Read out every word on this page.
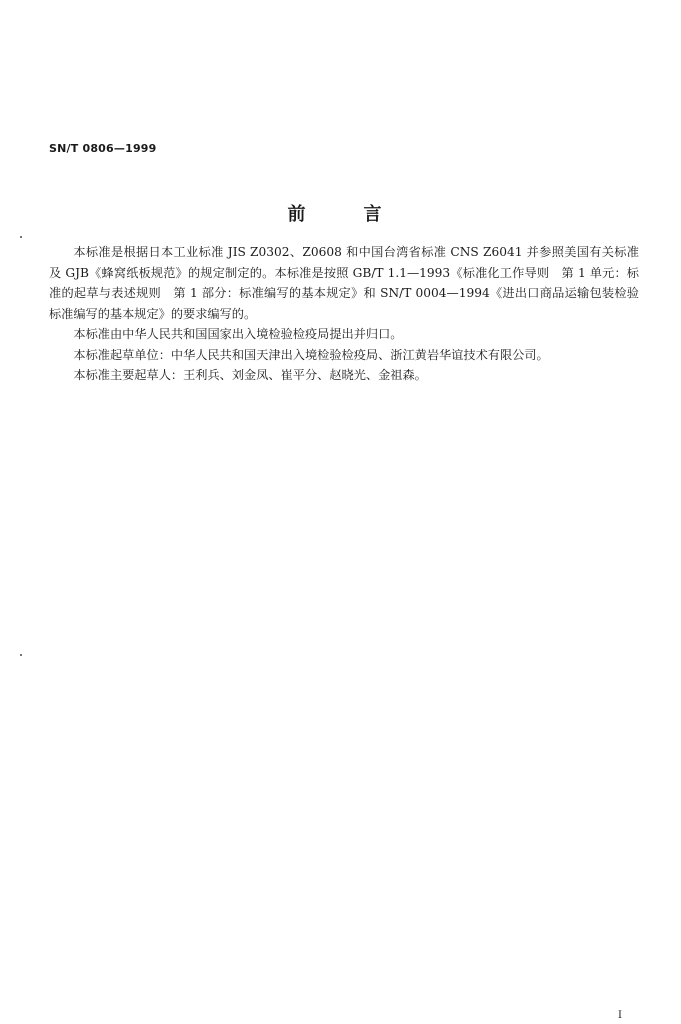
SN/T 0806—1999
前言

本标准是根据日本工业标准 JIS Z0302、Z0608 和中国台湾省标准 CNS Z6041 并参照美国有关标准及 GJB《蜂窝纸板规范》的规定制定的。本标准是按照 GB/T 1.1—1993《标准化工作导则　第 1 单元：标准的起草与表述规则　第 1 部分：标准编写的基本规定》和 SN/T 0004—1994《进出口商品运输包装检验标准编写的基本规定》的要求编写的。

本标准由中华人民共和国国家出入境检验检疫局提出并归口。

本标准起草单位：中华人民共和国天津出入境检验检疫局、浙江黄岩华谊技术有限公司。

本标准主要起草人：王利兵、刘金凤、崔平分、赵晓光、金祖森。

I
